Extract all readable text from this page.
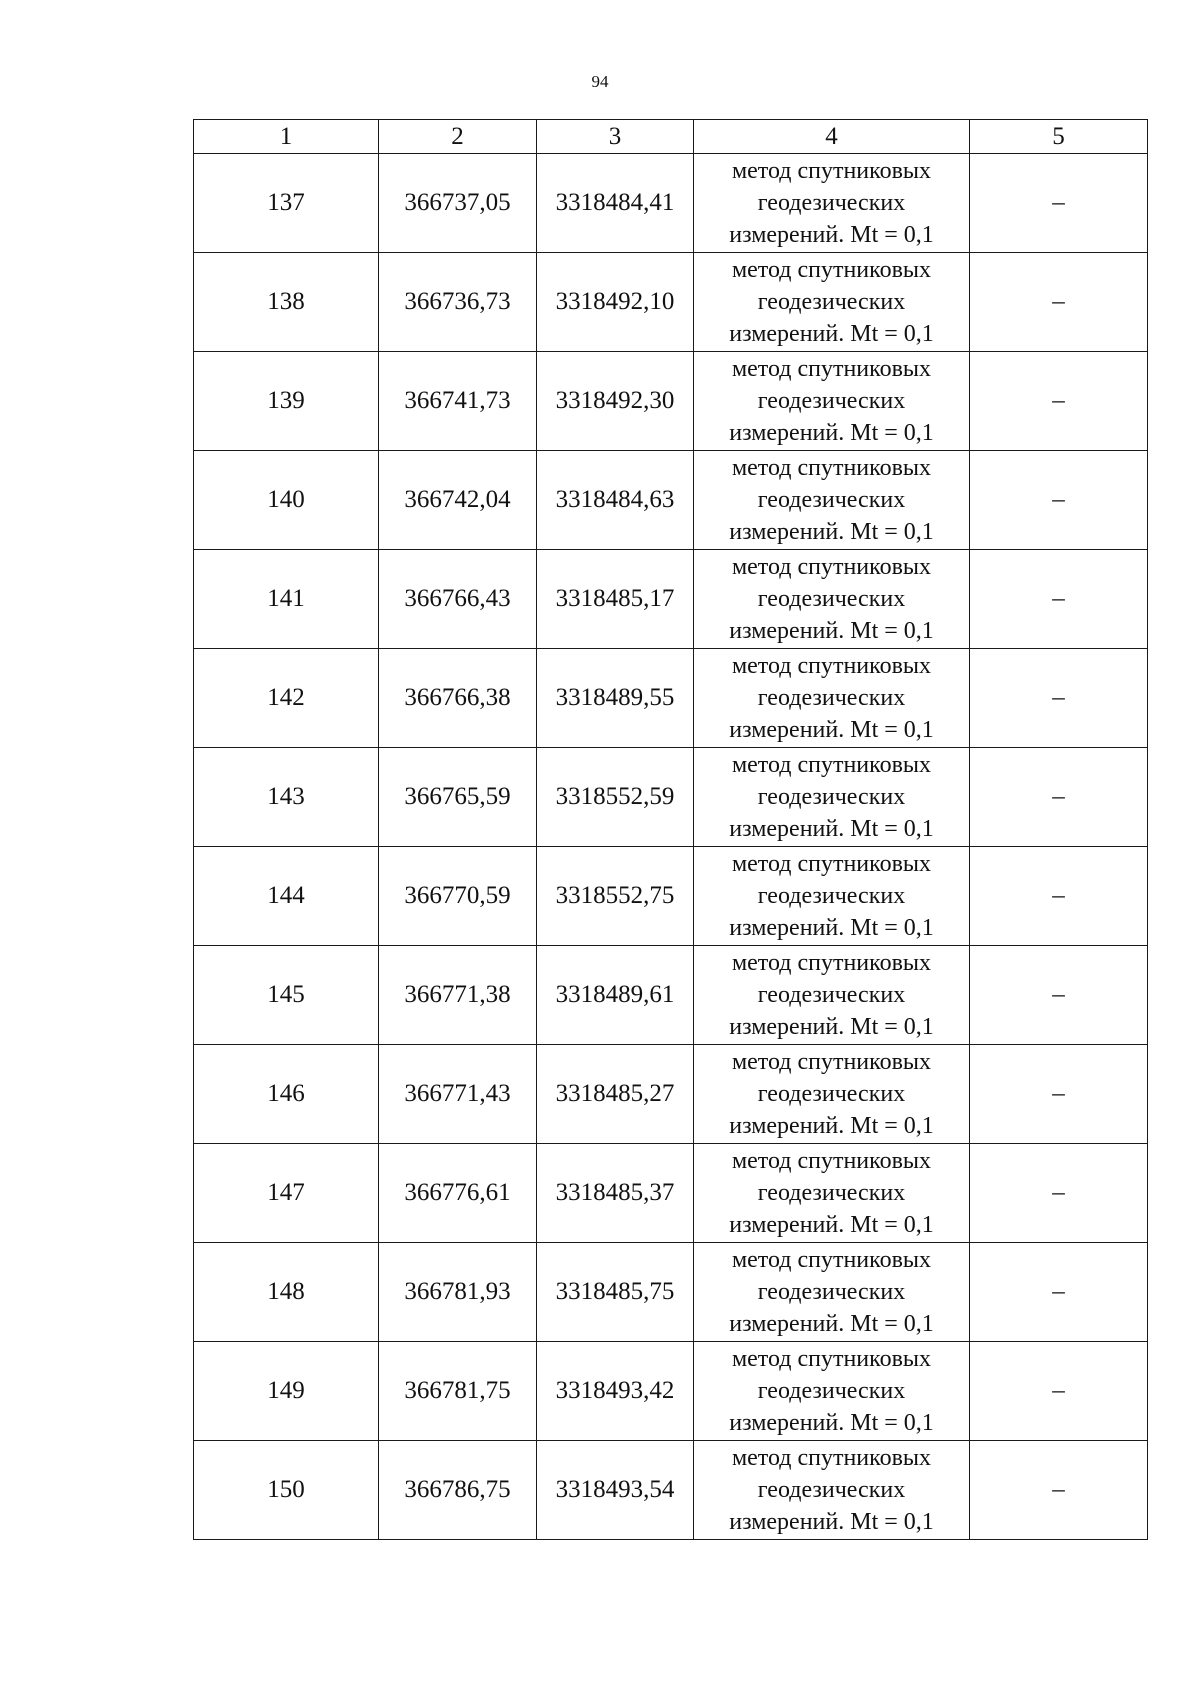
94
1	2	3	4	5
137	366737,05	3318484,41	метод спутниковых
геодезических
измерений. Mt = 0,1	–
138	366736,73	3318492,10	метод спутниковых
геодезических
измерений. Mt = 0,1	–
139	366741,73	3318492,30	метод спутниковых
геодезических
измерений. Mt = 0,1	–
140	366742,04	3318484,63	метод спутниковых
геодезических
измерений. Mt = 0,1	–
141	366766,43	3318485,17	метод спутниковых
геодезических
измерений. Mt = 0,1	–
142	366766,38	3318489,55	метод спутниковых
геодезических
измерений. Mt = 0,1	–
143	366765,59	3318552,59	метод спутниковых
геодезических
измерений. Mt = 0,1	–
144	366770,59	3318552,75	метод спутниковых
геодезических
измерений. Mt = 0,1	–
145	366771,38	3318489,61	метод спутниковых
геодезических
измерений. Mt = 0,1	–
146	366771,43	3318485,27	метод спутниковых
геодезических
измерений. Mt = 0,1	–
147	366776,61	3318485,37	метод спутниковых
геодезических
измерений. Mt = 0,1	–
148	366781,93	3318485,75	метод спутниковых
геодезических
измерений. Mt = 0,1	–
149	366781,75	3318493,42	метод спутниковых
геодезических
измерений. Mt = 0,1	–
150	366786,75	3318493,54	метод спутниковых
геодезических
измерений. Mt = 0,1	–
